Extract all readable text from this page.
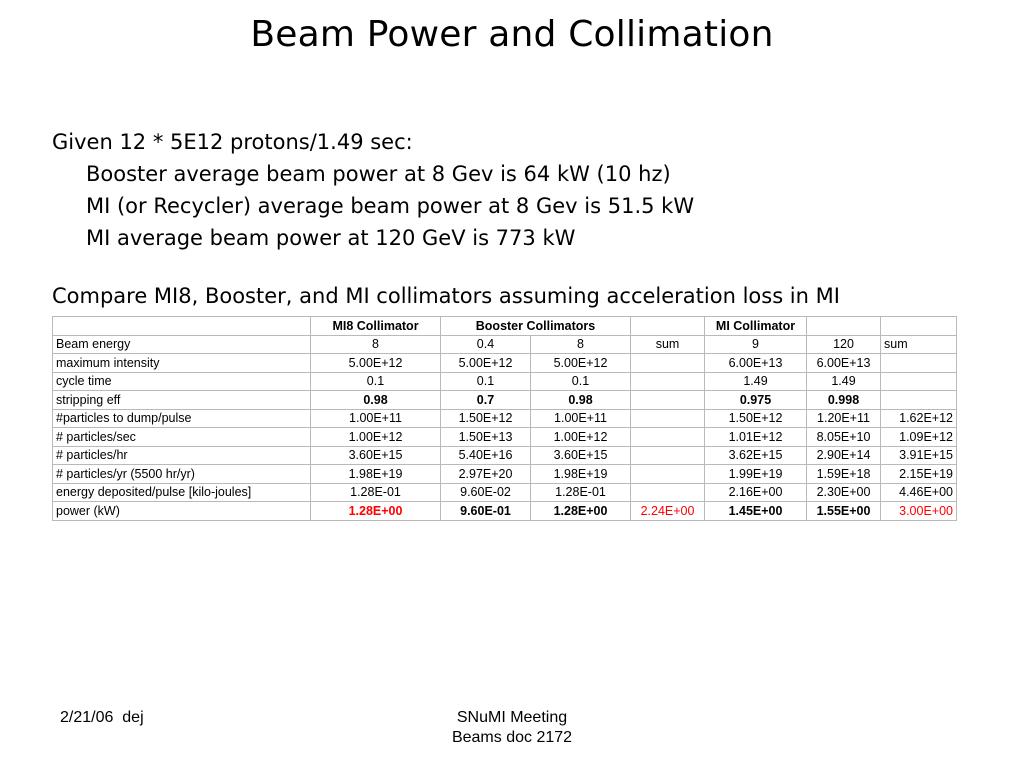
Beam Power and Collimation
Given 12 * 5E12 protons/1.49 sec:
Booster average beam power at 8 Gev is 64 kW (10 hz)
MI (or Recycler) average beam power at 8 Gev is 51.5 kW
MI average beam power at 120 GeV is 773 kW
Compare MI8, Booster, and MI collimators assuming acceleration loss in MI
	MI8 Collimator	Booster Collimators			MI Collimator		
Beam energy	8	0.4	8	sum	9	120	sum
maximum intensity	5.00E+12	5.00E+12	5.00E+12		6.00E+13	6.00E+13	
cycle time	0.1	0.1	0.1		1.49	1.49	
stripping eff	0.98	0.7	0.98		0.975	0.998	
#particles to dump/pulse	1.00E+11	1.50E+12	1.00E+11		1.50E+12	1.20E+11	1.62E+12
# particles/sec	1.00E+12	1.50E+13	1.00E+12		1.01E+12	8.05E+10	1.09E+12
# particles/hr	3.60E+15	5.40E+16	3.60E+15		3.62E+15	2.90E+14	3.91E+15
# particles/yr (5500 hr/yr)	1.98E+19	2.97E+20	1.98E+19		1.99E+19	1.59E+18	2.15E+19
energy deposited/pulse [kilo-joules]	1.28E-01	9.60E-02	1.28E-01		2.16E+00	2.30E+00	4.46E+00
power (kW)	1.28E+00	9.60E-01	1.28E+00	2.24E+00	1.45E+00	1.55E+00	3.00E+00
2/21/06  dej	SNuMI Meeting
Beams doc 2172
